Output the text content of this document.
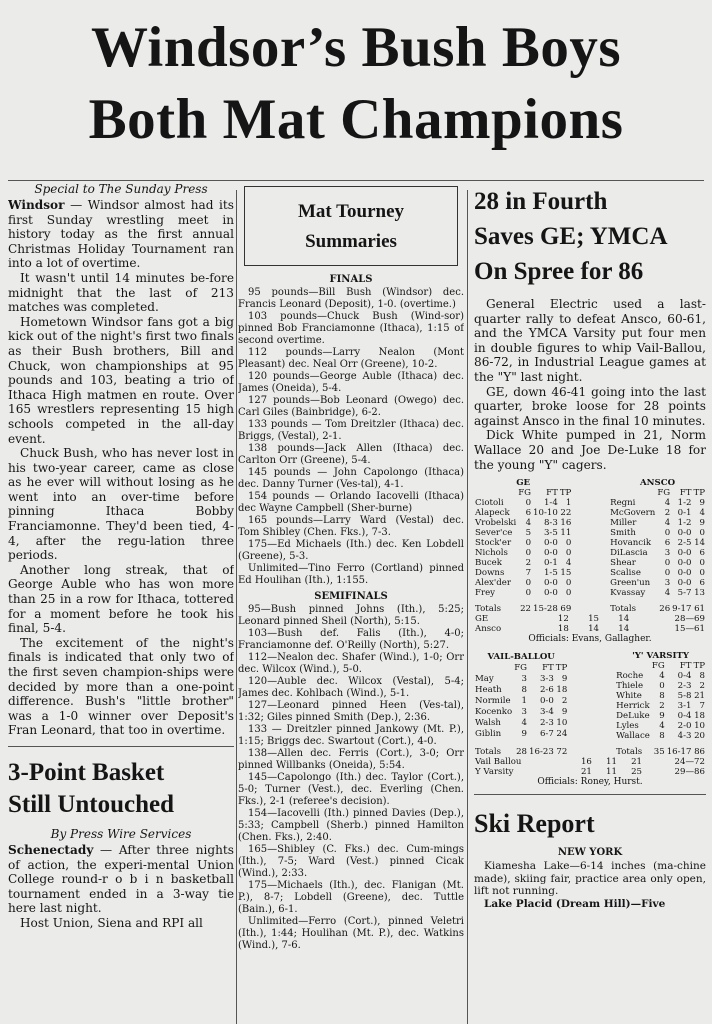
Windsor’s Bush Boys
Both Mat Champions
Special to The Sunday Press

Windsor — Windsor almost had its first Sunday wrestling meet in history today as the first annual Christmas Holiday Tournament ran into a lot of overtime.

It wasn't until 14 minutes be-fore midnight that the last of 213 matches was completed.

Hometown Windsor fans got a big kick out of the night's first two finals as their Bush brothers, Bill and Chuck, won championships at 95 pounds and 103, beating a trio of Ithaca High matmen en route. Over 165 wrestlers representing 15 high schools competed in the all-day event.

Chuck Bush, who has never lost in his two-year career, came as close as he ever will without losing as he went into an over-time before pinning Ithaca Bobby Franciamonne. They'd been tied, 4-4, after the regu-lation three periods.

Another long streak, that of George Auble who has won more than 25 in a row for Ithaca, tottered for a moment before he took his final, 5-4.

The excitement of the night's finals is indicated that only two of the first seven champion-ships were decided by more than a one-point difference. Bush's "little brother" was a 1-0 winner over Deposit's Fran Leonard, that too in overtime.

3-Point Basket
Still Untouched
By Press Wire Services

Schenectady — After three nights of action, the experi-mental Union College round-r o b i n basketball tournament ended in a 3-way tie here last night.

Host Union, Siena and RPI all

Mat Tourney
Summaries
FINALS

95 pounds—Bill Bush (Windsor) dec. Francis Leonard (Deposit), 1-0. (overtime.)

103 pounds—Chuck Bush (Wind-sor) pinned Bob Franciamonne (Ithaca), 1:15 of second overtime.

112 pounds—Larry Nealon (Mont Pleasant) dec. Neal Orr (Greene), 10-2.

120 pounds—George Auble (Ithaca) dec. James (Oneida), 5-4.

127 pounds—Bob Leonard (Owego) dec. Carl Giles (Bainbridge), 6-2.

133 pounds — Tom Dreitzler (Ithaca) dec. Briggs, (Vestal), 2-1.

138 pounds—Jack Allen (Ithaca) dec. Carlton Orr (Greene), 5-4.

145 pounds — John Capolongo (Ithaca) dec. Danny Turner (Ves-tal), 4-1.

154 pounds — Orlando Iacovelli (Ithaca) dec Wayne Campbell (Sher-burne)

165 pounds—Larry Ward (Vestal) dec. Tom Shibley (Chen. Fks.), 7-3.

175—Ed Michaels (Ith.) dec. Ken Lobdell (Greene), 5-3.

Unlimited—Tino Ferro (Cortland) pinned Ed Houlihan (Ith.), 1:155.

SEMIFINALS

95—Bush pinned Johns (Ith.), 5:25; Leonard pinned Sheil (North), 5:15.

103—Bush def. Falis (Ith.), 4-0; Franciamonne def. O'Reilly (North), 5:27.

112—Nealon dec. Shafer (Wind.), 1-0; Orr dec. Wilcox (Wind.), 5-0.

120—Auble dec. Wilcox (Vestal), 5-4; James dec. Kohlbach (Wind.), 5-1.

127—Leonard pinned Heen (Ves-tal), 1:32; Giles pinned Smith (Dep.), 2:36.

133 — Dreitzler pinned Jankowy (Mt. P.), 1:15; Briggs dec. Swartout (Cort.), 4-0.

138—Allen dec. Ferris (Cort.), 3-0; Orr pinned Willbanks (Oneida), 5:54.

145—Capolongo (Ith.) dec. Taylor (Cort.), 5-0; Turner (Vest.), dec. Everling (Chen. Fks.), 2-1 (referee's decision).

154—Iacovelli (Ith.) pinned Davies (Dep.), 5:33; Campbell (Sherb.) pinned Hamilton (Chen. Fks.), 2:40.

165—Shibley (C. Fks.) dec. Cum-mings (Ith.), 7-5; Ward (Vest.) pinned Cicak (Wind.), 2:33.

175—Michaels (Ith.), dec. Flanigan (Mt. P.), 8-7; Lobdell (Greene), dec. Tuttle (Bain.), 6-1.

Unlimited—Ferro (Cort.), pinned Veletri (Ith.), 1:44; Houlihan (Mt. P.), dec. Watkins (Wind.), 7-6.

28 in Fourth
Saves GE; YMCA
On Spree for 86

General Electric used a last-quarter rally to defeat Ansco, 60-61, and the YMCA Varsity put four men in double figures to whip Vail-Ballou, 86-72, in Industrial League games at the "Y" last night.

GE, down 46-41 going into the last quarter, broke loose for 28 points against Ansco in the final 10 minutes.

Dick White pumped in 21, Norm Wallace 20 and Joe De-Luke 18 for the young "Y" cagers.

GE			
	FG	FT	TP
Ciotoli	0	1-4	1
Alapeck	6	10-10	22
Vrobelski	4	8-3	16
Sever'ce	5	3-5	11
Stock'er	0	0-0	0
Nichols	0	0-0	0
Bucek	2	0-1	4
Downs	7	1-5	15
Alex'der	0	0-0	0
Frey	0	0-0	0

Totals	22	15-28	69
ANSCO			
	FG	FT	TP
Regni	4	1-2	9
McGovern	2	0-1	4
Miller	4	1-2	9
Smith	0	0-0	0
Hovancik	6	2-5	14
DiLascia	3	0-0	6
Shear	0	0-0	0
Scalise	0	0-0	0
Green'un	3	0-0	6
Kvassay	4	5-7	13

Totals	26	9-17	61
GE	12	15	14	28—69
Ansco	18	14	14	15—61
Officials: Evans, Gallagher.
VAIL-BALLOU			
	FG	FT	TP
May	3	3-3	9
Heath	8	2-6	18
Normile	1	0-0	2
Kocenko	3	3-4	9
Walsh	4	2-3	10
Giblin	9	6-7	24

Totals	28	16-23	72
'Y' VARSITY			
	FG	FT	TP
Roche	4	0-4	8
Thiele	0	2-3	2
White	8	5-8	21
Herrick	2	3-1	7
DeLuke	9	0-4	18
Lyles	4	2-0	10
Wallace	8	4-3	20

Totals	35	16-17	86
Vail Ballou	16	11	21	24—72
Y Varsity	21	11	25	29—86
Officials: Roney, Hurst.
Ski Report
NEW YORK

Kiamesha Lake—6-14 inches (ma-chine made), skiing fair, practice area only open, lift not running.

Lake Placid (Dream Hill)—Five
